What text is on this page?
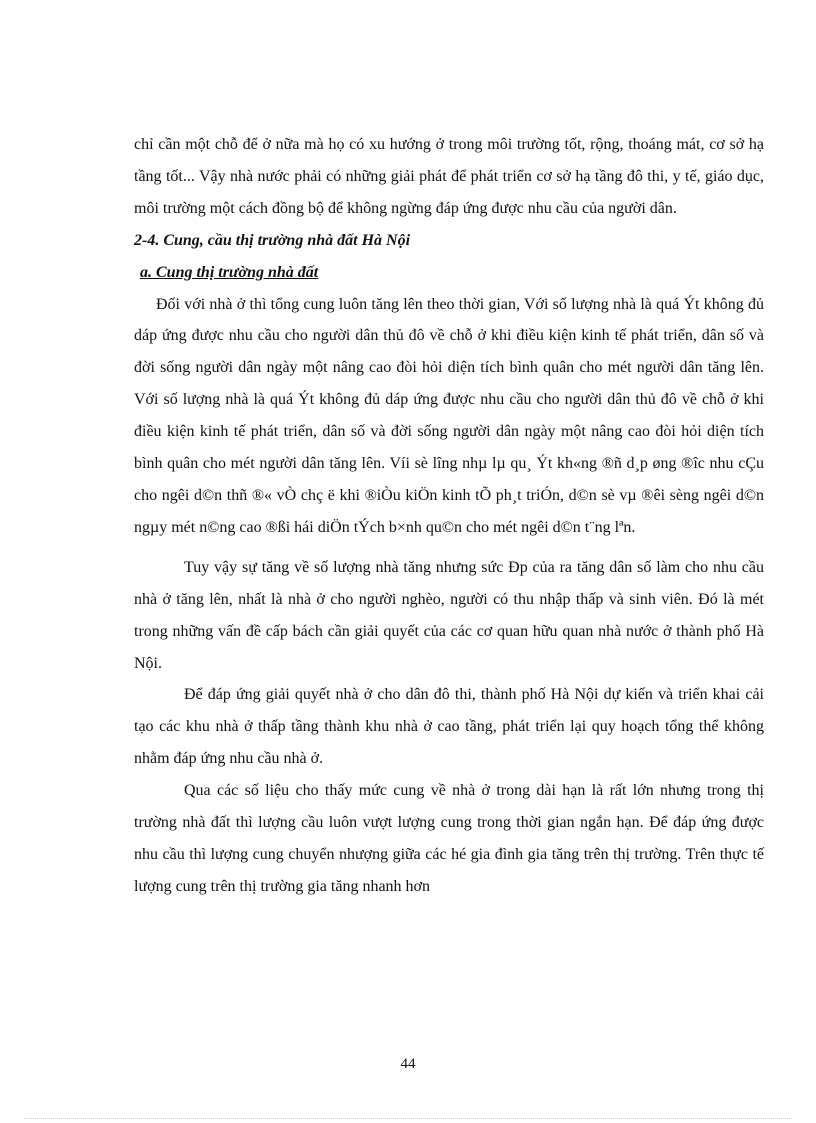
chỉ cần một chỗ để ở nữa mà họ có xu hướng ở trong môi trường tốt, rộng, thoáng mát, cơ sở hạ tầng tốt... Vậy nhà nước phải có những giải phát để phát triển cơ sở hạ tầng đô thi, y tế, giáo dục, môi trường một cách đồng bộ để không ngừng đáp ứng được nhu cầu của người dân.

2-4. Cung, cầu thị trường nhà đất Hà Nội
a. Cung thị trường nhà đất

Đối với nhà ở thì tổng cung luôn tăng lên theo thời gian, Với số lượng nhà là quá Ýt không đủ dáp ứng được nhu cầu cho người dân thủ đô về chỗ ở khi điều kiện kinh tế phát triển, dân số và đời sống người dân ngày một nâng cao đòi hỏi diện tích bình quân cho mét người dân tăng lên. Với số lượng nhà là quá Ýt không đủ dáp ứng được nhu cầu cho người dân thủ đô về chỗ ở khi điều kiện kinh tế phát triển, dân số và đời sống người dân ngày một nâng cao đòi hỏi diện tích bình quân cho mét người dân tăng lên. Víi sè lîng nhµ lµ qu¸ Ýt kh«ng ®ñ d¸p øng ®îc nhu cÇu cho ngêi d©n thñ ®« vÒ chç ë khi ®iÒu kiÖn kinh tÕ ph¸t triÓn, d©n sè vµ ®êi sèng ngêi d©n ngµy mét n©ng cao ®ßi hái diÖn tÝch b×nh qu©n cho mét ngêi d©n t¨ng lªn.

Tuy vậy sự tăng về số lượng nhà tăng nhưng sức Ðp của ra tăng dân số làm cho nhu cầu nhà ở tăng lên, nhất là nhà ở cho người nghèo, người có thu nhập thấp và sinh viên. Đó là mét trong những vấn đề cấp bách cần giải quyết của các cơ quan hữu quan nhà nước ở thành phố Hà Nội.

Để đáp ứng giải quyết nhà ở cho dân đô thi, thành phố Hà Nội dự kiến và triển khai cải tạo các khu nhà ở thấp tầng thành khu nhà ở cao tầng, phát triển lại quy hoạch tổng thể không nhằm đáp ứng nhu cầu nhà ở.

Qua các số liệu cho thấy mức cung về nhà ở trong dài hạn là rất lớn nhưng trong thị trường nhà đất thì lượng cầu luôn vượt lượng cung trong thời gian ngắn hạn. Để đáp ứng được nhu cầu thì lượng cung chuyển nhượng giữa các hé gia đình gia tăng trên thị trường. Trên thực tế lượng cung trên thị trường gia tăng nhanh hơn

44
